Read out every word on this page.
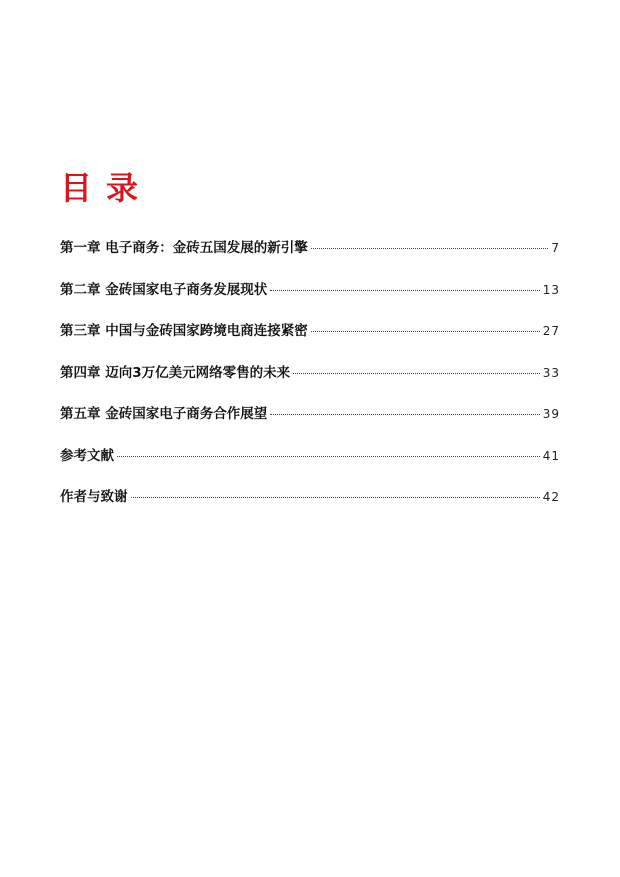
目录
第一章 电子商务：金砖五国发展的新引擎	7
第二章 金砖国家电子商务发展现状	13
第三章 中国与金砖国家跨境电商连接紧密	27
第四章 迈向3万亿美元网络零售的未来	33
第五章 金砖国家电子商务合作展望	39
参考文献	41
作者与致谢	42
